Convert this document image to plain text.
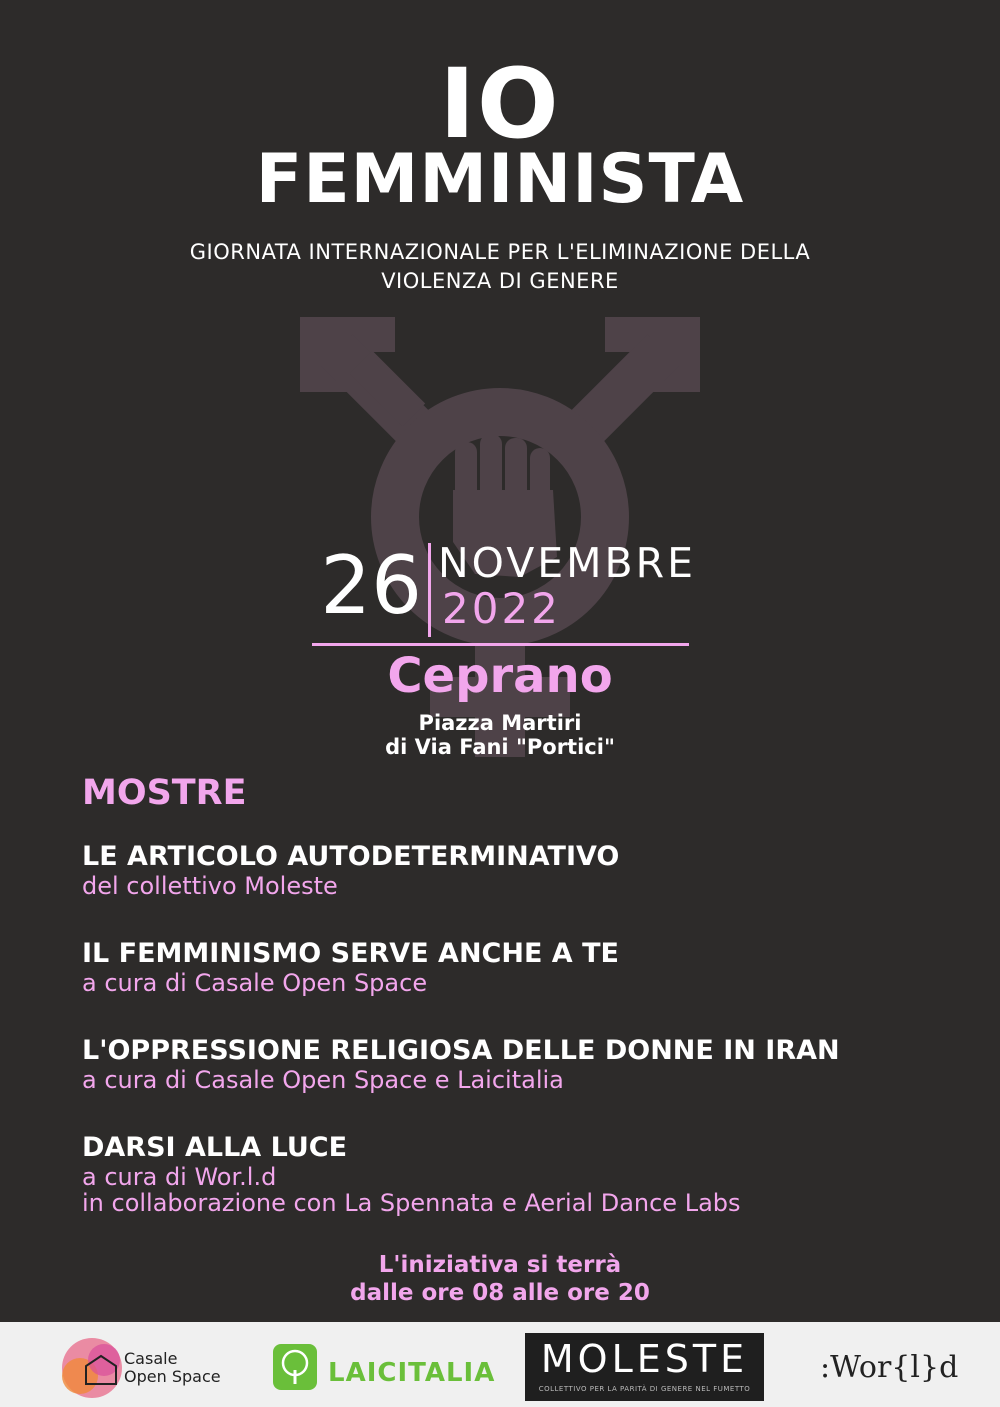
IO
FEMMINISTA
GIORNATA INTERNAZIONALE PER L'ELIMINAZIONE DELLA
VIOLENZA DI GENERE
26 NOVEMBRE
2022
Ceprano
Piazza Martiri
di Via Fani "Portici"
MOSTRE
LE ARTICOLO AUTODETERMINATIVO
del collettivo Moleste
IL FEMMINISMO SERVE ANCHE A TE
a cura di Casale Open Space
L'OPPRESSIONE RELIGIOSA DELLE DONNE IN IRAN
a cura di Casale Open Space e Laicitalia
DARSI ALLA LUCE
a cura di Wor.l.d
in collaborazione con La Spennata e Aerial Dance Labs
L'iniziativa si terrà
dalle ore 08 alle ore 20
Casale
Open Space	LAICITALIA	MOLESTE
COLLETTIVO PER LA PARITÀ DI GENERE NEL FUMETTO
:Wor{l}d
